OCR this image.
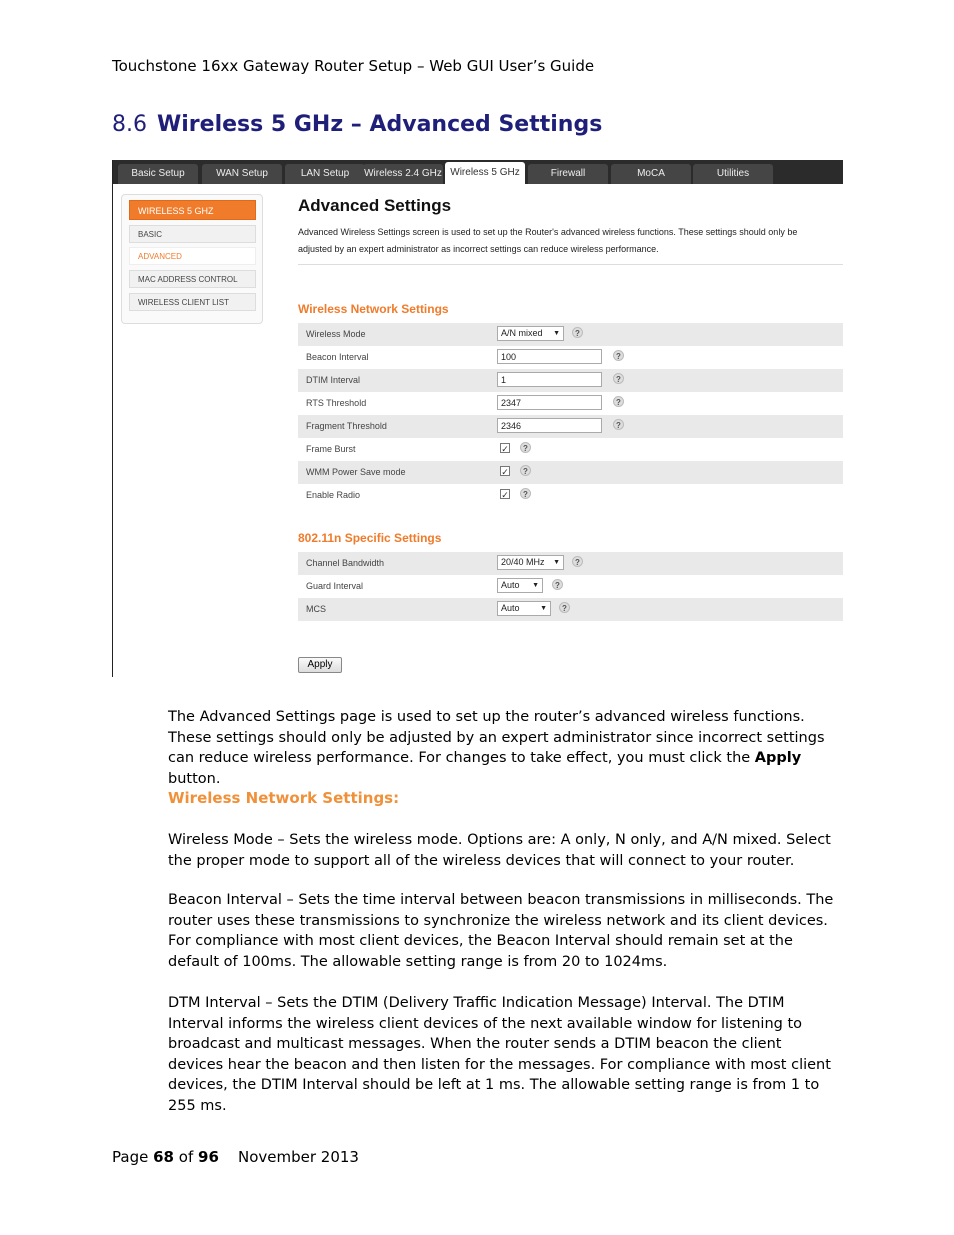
Touchstone 16xx Gateway Router Setup – Web GUI User’s Guide
8.6 Wireless 5 GHz – Advanced Settings
Basic Setup	WAN Setup	LAN Setup	Wireless 2.4 GHz Wireless 5 GHz	Firewall	MoCA	Utilities
WIRELESS 5 GHZ
BASIC
ADVANCED
MAC ADDRESS CONTROL
WIRELESS CLIENT LIST
Advanced Settings
Advanced Wireless Settings screen is used to set up the Router's advanced wireless functions. These settings should only be adjusted by an expert administrator as incorrect settings can reduce wireless performance.
Wireless Network Settings
Wireless Mode	A/N mixed ▼	?
Beacon Interval	100	?
DTIM Interval	1	?
RTS Threshold	2347	?
Fragment Threshold	2346	?
Frame Burst	✓	?
WMM Power Save mode	✓	?
Enable Radio	✓	?
802.11n Specific Settings
Channel Bandwidth	20/40 MHz ▼	?
Guard Interval	Auto ▼	?
MCS	Auto	▼	?
Apply

The Advanced Settings page is used to set up the router’s advanced wireless functions. These settings should only be adjusted by an expert administrator since incorrect settings can reduce wireless performance. For changes to take effect, you must click the Apply button.

Wireless Network Settings:
Wireless Mode – Sets the wireless mode. Options are: A only, N only, and A/N mixed. Select the proper mode to support all of the wireless devices that will connect to your router.
Beacon Interval – Sets the time interval between beacon transmissions in milliseconds. The router uses these transmissions to synchronize the wireless network and its client devices. For compliance with most client devices, the Beacon Interval should remain set at the default of 100ms. The allowable setting range is from 20 to 1024ms.
DTM Interval – Sets the DTIM (Delivery Traffic Indication Message) Interval. The DTIM Interval informs the wireless client devices of the next available window for listening to broadcast and multicast messages. When the router sends a DTIM beacon the client devices hear the beacon and then listen for the messages. For compliance with most client devices, the DTIM Interval should be left at 1 ms. The allowable setting range is from 1 to 255 ms.
Page 68 of 96 November 2013
